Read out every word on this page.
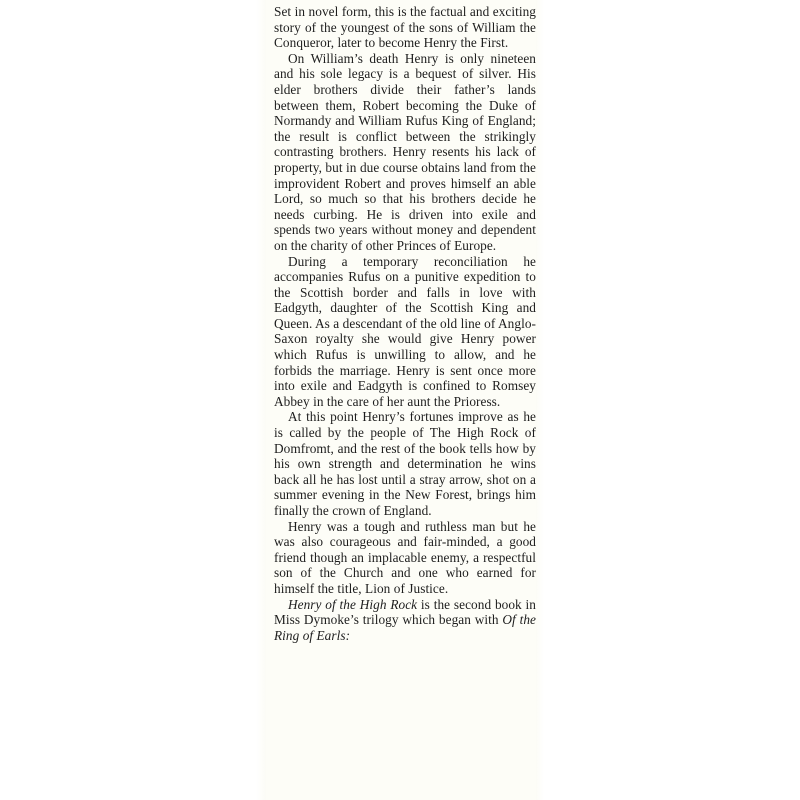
Set in novel form, this is the factual and exciting story of the youngest of the sons of William the Conqueror, later to become Henry the First.

On William’s death Henry is only nineteen and his sole legacy is a bequest of silver. His elder brothers divide their father’s lands between them, Robert becoming the Duke of Normandy and William Rufus King of England; the result is conflict between the strikingly contrasting brothers. Henry resents his lack of property, but in due course obtains land from the improvident Robert and proves himself an able Lord, so much so that his brothers decide he needs curbing. He is driven into exile and spends two years without money and dependent on the charity of other Princes of Europe.

During a temporary reconciliation he accompanies Rufus on a punitive expedition to the Scottish border and falls in love with Eadgyth, daughter of the Scottish King and Queen. As a descendant of the old line of Anglo-Saxon royalty she would give Henry power which Rufus is unwilling to allow, and he forbids the marriage. Henry is sent once more into exile and Eadgyth is confined to Romsey Abbey in the care of her aunt the Prioress.

At this point Henry’s fortunes improve as he is called by the people of The High Rock of Domfromt, and the rest of the book tells how by his own strength and determination he wins back all he has lost until a stray arrow, shot on a summer evening in the New Forest, brings him finally the crown of England.

Henry was a tough and ruthless man but he was also courageous and fair-minded, a good friend though an implacable enemy, a respectful son of the Church and one who earned for himself the title, Lion of Justice.

Henry of the High Rock is the second book in Miss Dymoke’s trilogy which began with Of the Ring of Earls:
